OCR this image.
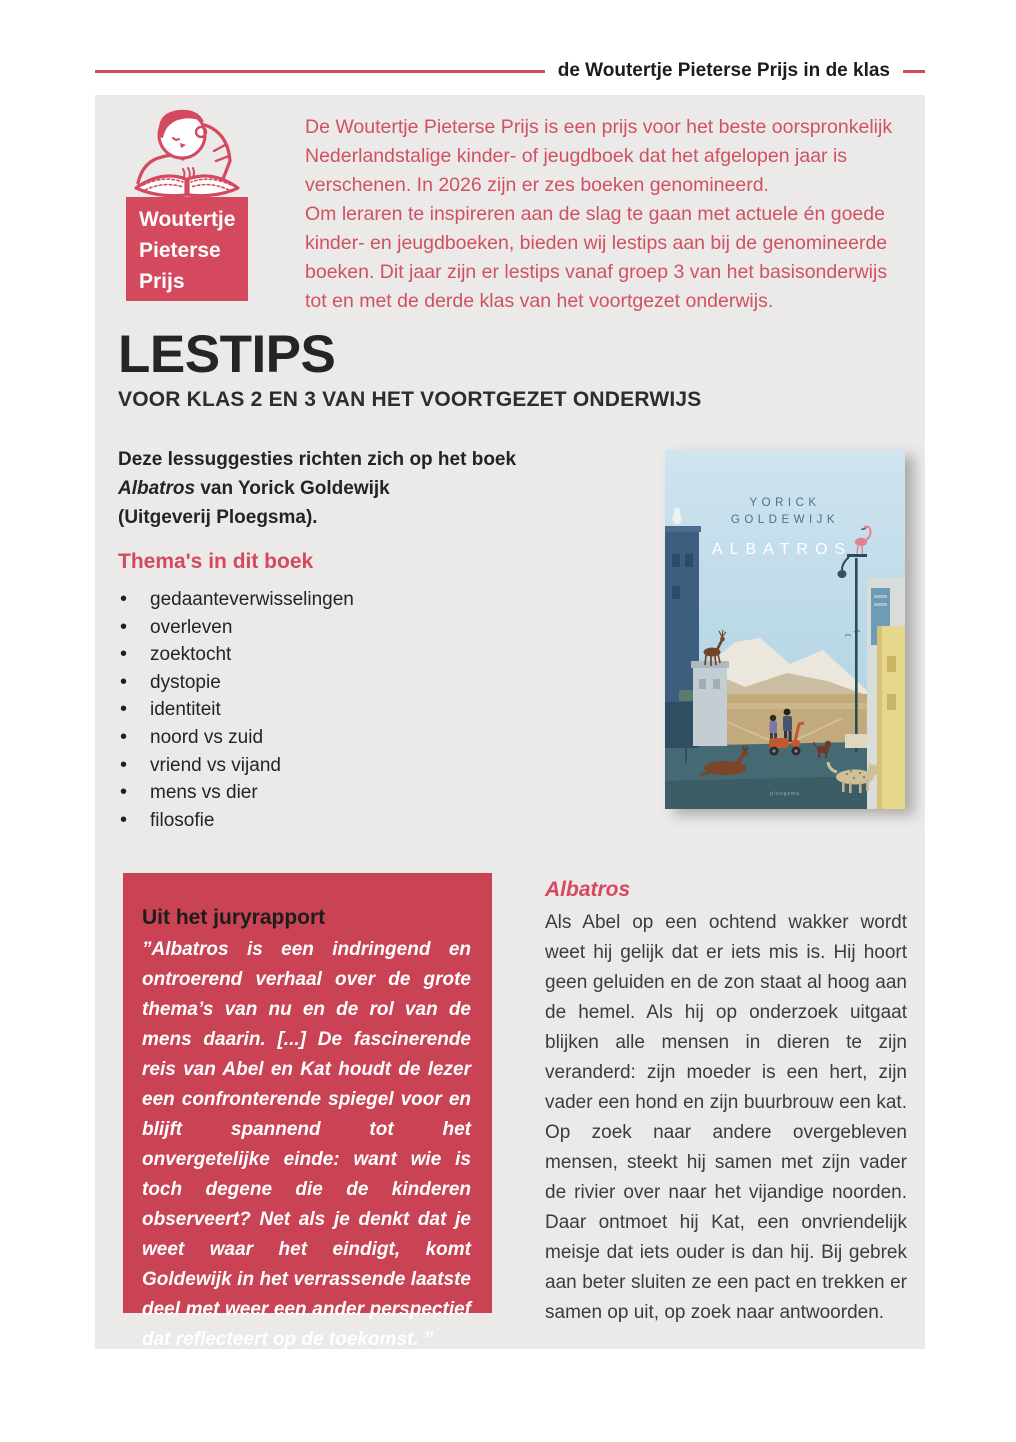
de Woutertje Pieterse Prijs in de klas
Woutertje
Pieterse
Prijs

De Woutertje Pieterse Prijs is een prijs voor het beste oorspronkelijk Nederlandstalige kinder- of jeugdboek dat het afgelopen jaar is verschenen. In 2026 zijn er zes boeken genomineerd.

Om leraren te inspireren aan de slag te gaan met actuele én goede kinder- en jeugdboeken, bieden wij lestips aan bij de genomineerde boeken. Dit jaar zijn er lestips vanaf groep 3 van het basisonderwijs tot en met de derde klas van het voortgezet onderwijs.

LESTIPS
VOOR KLAS 2 EN 3 VAN HET VOORTGEZET ONDERWIJS
Deze lessuggesties richten zich op het boek
Albatros van Yorick Goldewijk
(Uitgeverij Ploegsma).
Thema's in dit boek
• gedaanteverwisselingen
• overleven
• zoektocht
• dystopie
• identiteit
• noord vs zuid
• vriend vs vijand
• mens vs dier
• filosofie
YORICK
GOLDEWIJK
ALBATROS
ploegsma
Uit het juryrapport

”Albatros is een indringend en ontroerend verhaal over de grote thema’s van nu en de rol van de mens daarin. [...] De fascinerende reis van Abel en Kat houdt de lezer een confronterende spiegel voor en blijft spannend tot het onvergetelijke einde: want wie is toch degene die de kinderen observeert? Net als je denkt dat je weet waar het eindigt, komt Goldewijk in het verrassende laatste deel met weer een ander perspectief dat reflecteert op de toekomst. ”

Albatros

Als Abel op een ochtend wakker wordt weet hij gelijk dat er iets mis is. Hij hoort geen geluiden en de zon staat al hoog aan de hemel. Als hij op onderzoek uitgaat blijken alle mensen in dieren te zijn veranderd: zijn moeder is een hert, zijn vader een hond en zijn buurbrouw een kat. Op zoek naar andere overgebleven mensen, steekt hij samen met zijn vader de rivier over naar het vijandige noorden. Daar ontmoet hij Kat, een onvriendelijk meisje dat iets ouder is dan hij. Bij gebrek aan beter sluiten ze een pact en trekken er samen op uit, op zoek naar antwoorden.
